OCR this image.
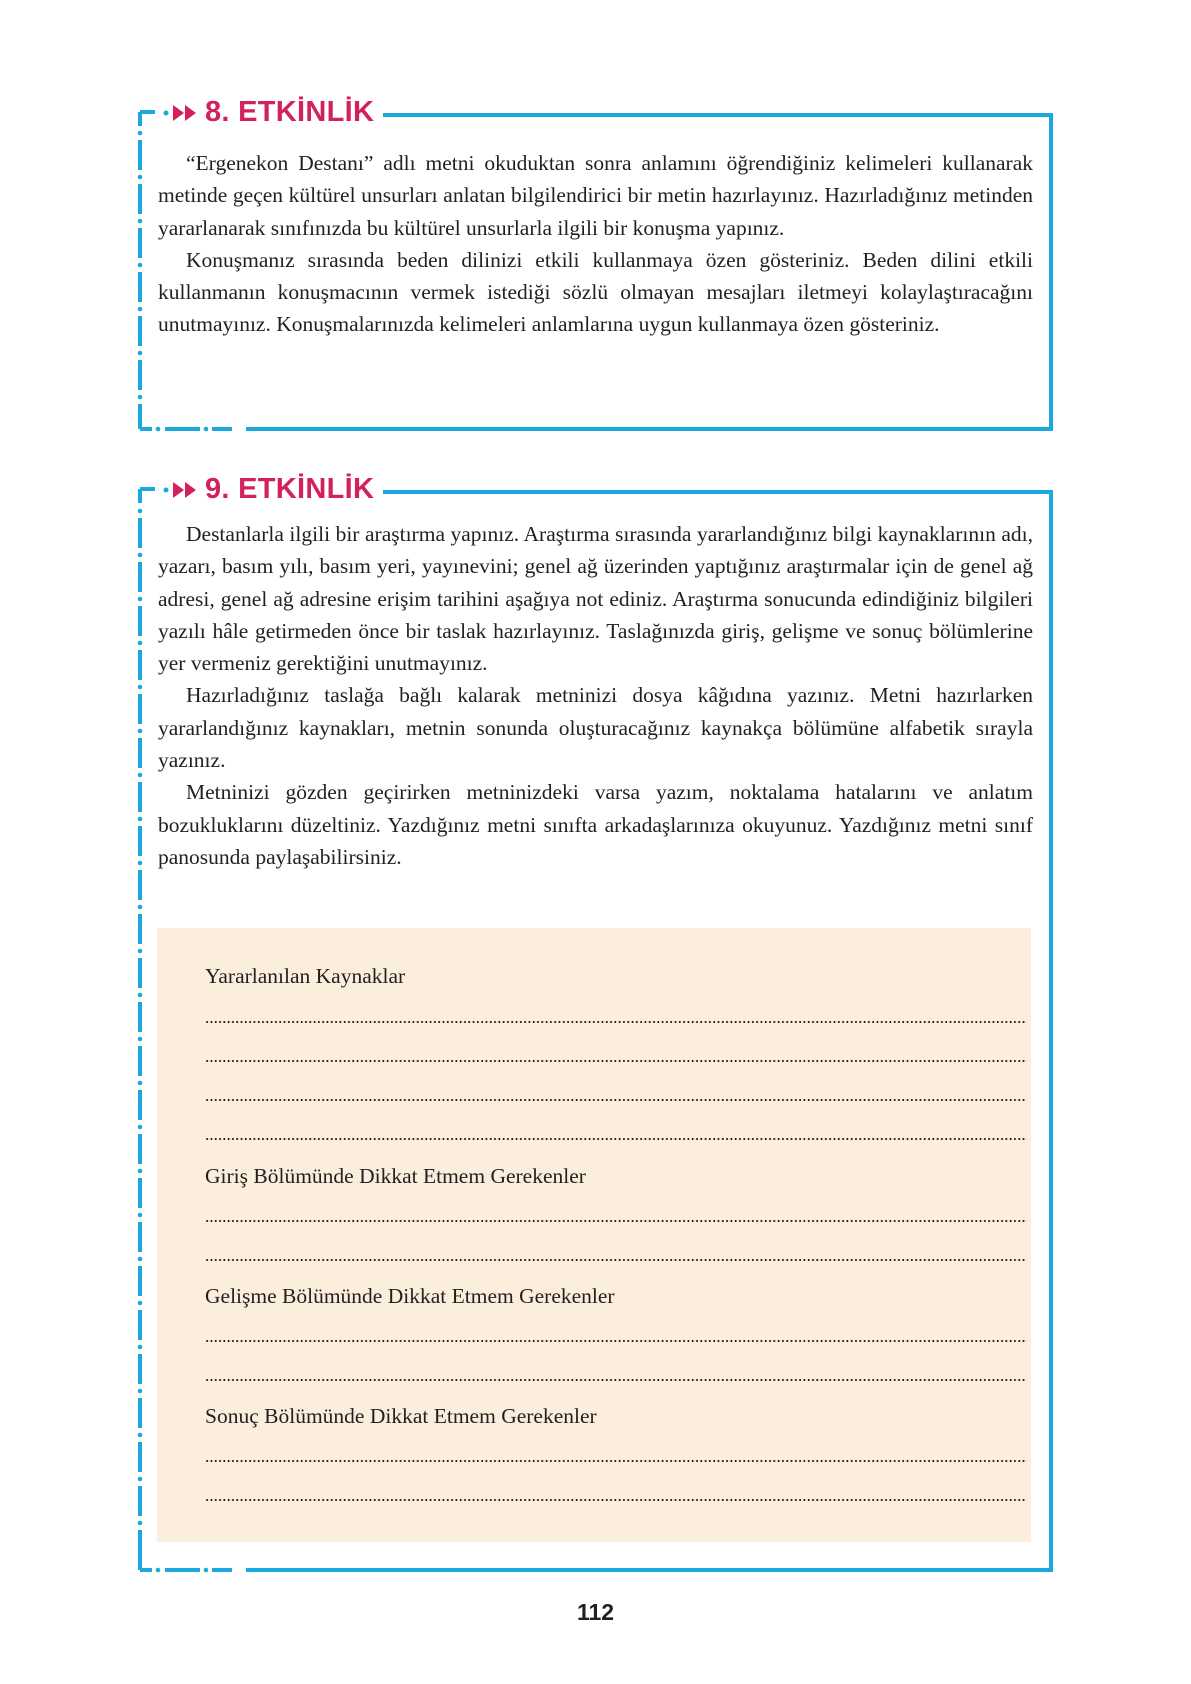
8. ETKİNLİK

“Ergenekon Destanı” adlı metni okuduktan sonra anlamını öğrendiğiniz kelimeleri kullanarak metinde geçen kültürel unsurları anlatan bilgilendirici bir metin hazırlayınız. Hazırladığınız metinden yararlanarak sınıfınızda bu kültürel unsurlarla ilgili bir konuşma yapınız.

Konuşmanız sırasında beden dilinizi etkili kullanmaya özen gösteriniz. Beden dilini etkili kullanmanın konuşmacının vermek istediği sözlü olmayan mesajları iletmeyi kolaylaştıracağını unutmayınız. Konuşmalarınızda kelimeleri anlamlarına uygun kullanmaya özen gösteriniz.

9. ETKİNLİK

Destanlarla ilgili bir araştırma yapınız. Araştırma sırasında yararlandığınız bilgi kaynaklarının adı, yazarı, basım yılı, basım yeri, yayınevini; genel ağ üzerinden yaptığınız araştırmalar için de genel ağ adresi, genel ağ adresine erişim tarihini aşağıya not ediniz. Araştırma sonucunda edindiğiniz bilgileri yazılı hâle getirmeden önce bir taslak hazırlayınız. Taslağınızda giriş, gelişme ve sonuç bölümlerine yer vermeniz gerektiğini unutmayınız.

Hazırladığınız taslağa bağlı kalarak metninizi dosya kâğıdına yazınız. Metni hazırlarken yararlandığınız kaynakları, metnin sonunda oluşturacağınız kaynakça bölümüne alfabetik sırayla yazınız.

Metninizi gözden geçirirken metninizdeki varsa yazım, noktalama hatalarını ve anlatım bozukluklarını düzeltiniz. Yazdığınız metni sınıfta arkadaşlarınıza okuyunuz. Yazdığınız metni sınıf panosunda paylaşabilirsiniz.

Yararlanılan Kaynaklar
Giriş Bölümünde Dikkat Etmem Gerekenler
Gelişme Bölümünde Dikkat Etmem Gerekenler
Sonuç Bölümünde Dikkat Etmem Gerekenler
112
